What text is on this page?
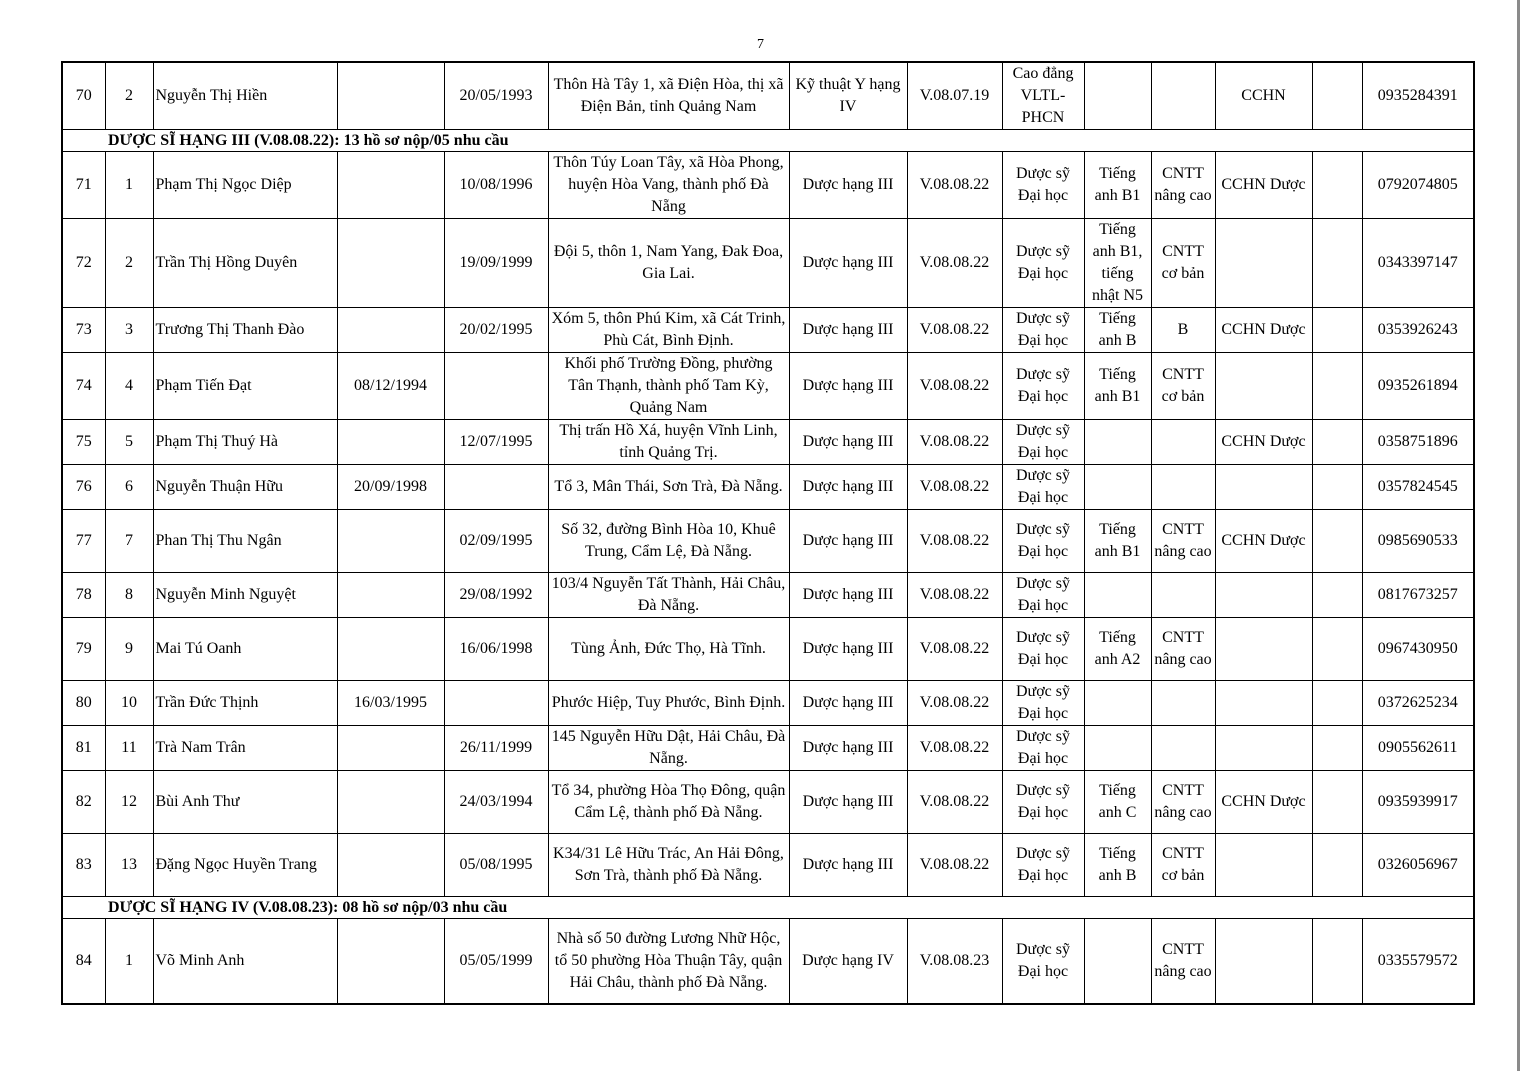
7
70	2	Nguyễn Thị Hiền		20/05/1993	Thôn Hà Tây 1, xã Điện Hòa, thị xã Điện Bản, tỉnh Quảng Nam	Kỹ thuật Y hạng IV	V.08.07.19	Cao đẳng VLTL-PHCN			CCHN		0935284391
DƯỢC SĨ HẠNG III (V.08.08.22): 13 hồ sơ nộp/05 nhu cầu													
71	1	Phạm Thị Ngọc Diệp		10/08/1996	Thôn Túy Loan Tây, xã Hòa Phong, huyện Hòa Vang, thành phố Đà Nẵng	Dược hạng III	V.08.08.22	Dược sỹ Đại học	Tiếng anh B1	CNTT nâng cao	CCHN Dược		0792074805
72	2	Trần Thị Hồng Duyên		19/09/1999	Đội 5, thôn 1, Nam Yang, Đak Đoa, Gia Lai.	Dược hạng III	V.08.08.22	Dược sỹ Đại học	Tiếng anh B1, tiếng nhật N5	CNTT cơ bản			0343397147
73	3	Trương Thị Thanh Đào		20/02/1995	Xóm 5, thôn Phú Kim, xã Cát Trinh, Phù Cát, Bình Định.	Dược hạng III	V.08.08.22	Dược sỹ Đại học	Tiếng anh B	B	CCHN Dược		0353926243
74	4	Phạm Tiến Đạt	08/12/1994		Khối phố Trường Đồng, phường Tân Thạnh, thành phố Tam Kỳ, Quảng Nam	Dược hạng III	V.08.08.22	Dược sỹ Đại học	Tiếng anh B1	CNTT cơ bản			0935261894
75	5	Phạm Thị Thuý Hà		12/07/1995	Thị trấn Hồ Xá, huyện Vĩnh Linh, tỉnh Quảng Trị.	Dược hạng III	V.08.08.22	Dược sỹ Đại học			CCHN Dược		0358751896
76	6	Nguyễn Thuận Hữu	20/09/1998		Tổ 3, Mân Thái, Sơn Trà, Đà Nẵng.	Dược hạng III	V.08.08.22	Dược sỹ Đại học					0357824545
77	7	Phan Thị Thu Ngân		02/09/1995	Số 32, đường Bình Hòa 10, Khuê Trung, Cẩm Lệ, Đà Nẵng.	Dược hạng III	V.08.08.22	Dược sỹ Đại học	Tiếng anh B1	CNTT nâng cao	CCHN Dược		0985690533
78	8	Nguyễn Minh Nguyệt		29/08/1992	103/4 Nguyễn Tất Thành, Hải Châu, Đà Nẵng.	Dược hạng III	V.08.08.22	Dược sỹ Đại học					0817673257
79	9	Mai Tú Oanh		16/06/1998	Tùng Ảnh, Đức Thọ, Hà Tĩnh.	Dược hạng III	V.08.08.22	Dược sỹ Đại học	Tiếng anh A2	CNTT nâng cao			0967430950
80	10	Trần Đức Thịnh	16/03/1995		Phước Hiệp, Tuy Phước, Bình Định.	Dược hạng III	V.08.08.22	Dược sỹ Đại học					0372625234
81	11	Trà Nam Trân		26/11/1999	145 Nguyễn Hữu Dật, Hải Châu, Đà Nẵng.	Dược hạng III	V.08.08.22	Dược sỹ Đại học					0905562611
82	12	Bùi Anh Thư		24/03/1994	Tổ 34, phường Hòa Thọ Đông, quận Cẩm Lệ, thành phố Đà Nẵng.	Dược hạng III	V.08.08.22	Dược sỹ Đại học	Tiếng anh C	CNTT nâng cao	CCHN Dược		0935939917
83	13	Đặng Ngọc Huyền Trang		05/08/1995	K34/31 Lê Hữu Trác, An Hải Đông, Sơn Trà, thành phố Đà Nẵng.	Dược hạng III	V.08.08.22	Dược sỹ Đại học	Tiếng anh B	CNTT cơ bản			0326056967
DƯỢC SĨ HẠNG IV (V.08.08.23): 08 hồ sơ nộp/03 nhu cầu													
84	1	Võ Minh Anh		05/05/1999	Nhà số 50 đường Lương Nhữ Hộc, tổ 50 phường Hòa Thuận Tây, quận Hải Châu, thành phố Đà Nẵng.	Dược hạng IV	V.08.08.23	Dược sỹ Đại học		CNTT nâng cao			0335579572
